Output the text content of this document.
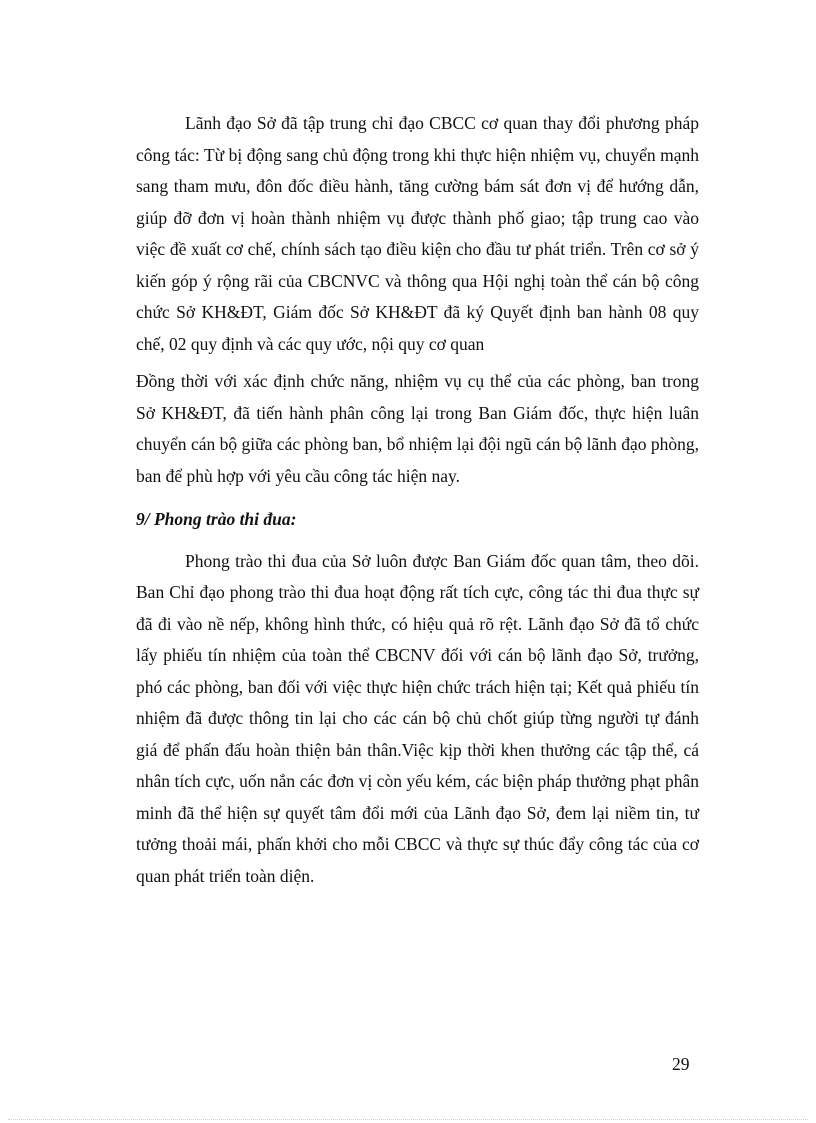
Lãnh đạo Sở đã tập trung chỉ đạo CBCC cơ quan thay đổi phương pháp công tác: Từ bị động sang chủ động trong khi thực hiện nhiệm vụ, chuyển mạnh sang tham mưu, đôn đốc điều hành, tăng cường bám sát đơn vị để hướng dẫn, giúp đỡ đơn vị hoàn thành nhiệm vụ được thành phố giao; tập trung cao vào việc đề xuất cơ chế, chính sách tạo điều kiện cho đầu tư phát triển. Trên cơ sở ý kiến góp ý rộng rãi của CBCNVC và thông qua Hội nghị toàn thể cán bộ công chức Sở KH&ĐT, Giám đốc Sở KH&ĐT đã ký Quyết định ban hành 08 quy chế, 02 quy định và các quy ước, nội quy cơ quan

Đồng thời với xác định chức năng, nhiệm vụ cụ thể của các phòng, ban trong Sở KH&ĐT, đã tiến hành phân công lại trong Ban Giám đốc, thực hiện luân chuyển cán bộ giữa các phòng ban, bổ nhiệm lại đội ngũ cán bộ lãnh đạo phòng, ban để phù hợp với yêu cầu công tác hiện nay.

9/ Phong trào thi đua:

Phong trào thi đua của Sở luôn được Ban Giám đốc quan tâm, theo dõi. Ban Chỉ đạo phong trào thi đua hoạt động rất tích cực, công tác thi đua thực sự đã đi vào nề nếp, không hình thức, có hiệu quả rõ rệt. Lãnh đạo Sở đã tổ chức lấy phiếu tín nhiệm của toàn thể CBCNV đối với cán bộ lãnh đạo Sở, trưởng, phó các phòng, ban đối với việc thực hiện chức trách hiện tại; Kết quả phiếu tín nhiệm đã được thông tin lại cho các cán bộ chủ chốt giúp từng người tự đánh giá để phấn đấu hoàn thiện bản thân.Việc kịp thời khen thưởng các tập thể, cá nhân tích cực, uốn nắn các đơn vị còn yếu kém, các biện pháp thưởng phạt phân minh đã thể hiện sự quyết tâm đổi mới của Lãnh đạo Sở, đem lại niềm tin, tư tưởng thoải mái, phấn khởi cho mỗi CBCC và thực sự thúc đẩy công tác của cơ quan phát triển toàn diện.

29
